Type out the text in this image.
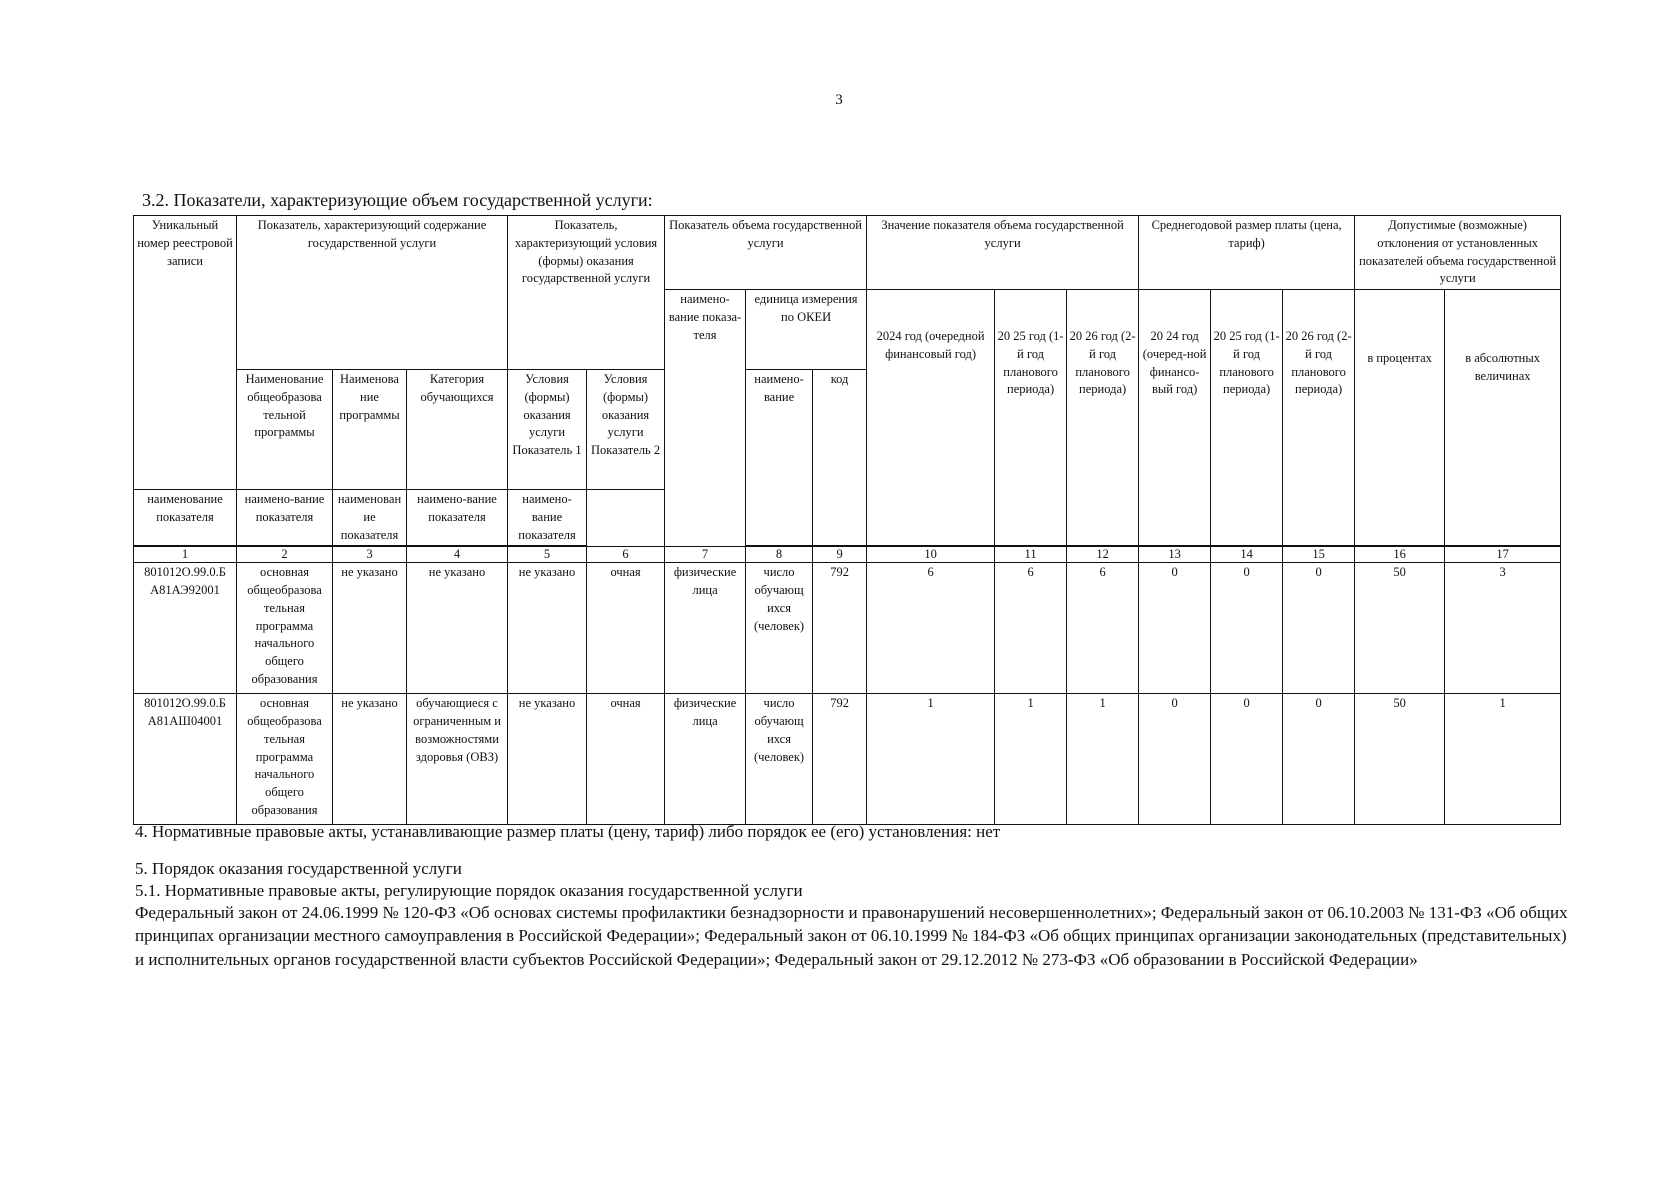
3
3.2. Показатели, характеризующие объем государственной услуги:
Уникальный номер реестровой записи	Показатель, характеризующий содержание государственной услуги			Показатель, характеризующий условия (формы) оказания государственной услуги		Показатель объема государственной услуги			Значение показателя объема государственной услуги			Среднегодовой размер платы (цена, тариф)			Допустимые (возможные) отклонения от установленных показателей объема государственной услуги	
						наимено-вание показа-теля	единица измерения по ОКЕИ		2024 год (очередной финансовый год)	20 25 год (1-й год планового периода)	20 26 год (2-й год планового периода)	20 24 год (очеред-ной финансо-вый год)	20 25 год (1-й год планового периода)	20 26 год (2-й год планового периода)	в процентах	в абсолютных величинах
	Наименование общеобразова тельной программы	Наименова ние программы	Категория обучающихся	Условия (формы) оказания услуги Показатель 1	Условия (формы) оказания услуги Показатель 2		наимено-вание	код								
наименование показателя	наимено-вание показателя	наименование показателя	наимено-вание показателя	наимено-вание показателя												

1	2	3	4	5	6	7	8	9	10	11	12	13	14	15	16	17
801012О.99.0.Б А81АЭ92001	основная общеобразова тельная программа начального общего образования	не указано	не указано	не указано	очная	физические лица	число обучающ ихся (человек)	792	6	6	6	0	0	0	50	3
801012О.99.0.Б А81АШ04001	основная общеобразова тельная программа начального общего образования	не указано	обучающиеся с ограниченным и возможностями здоровья (ОВЗ)	не указано	очная	физические лица	число обучающ ихся (человек)	792	1	1	1	0	0	0	50	1
4. Нормативные правовые акты, устанавливающие размер платы (цену, тариф) либо порядок ее (его) установления: нет
5. Порядок оказания государственной услуги
5.1. Нормативные правовые акты, регулирующие порядок оказания государственной услуги
Федеральный закон от 24.06.1999 № 120-ФЗ «Об основах системы профилактики безнадзорности и правонарушений несовершеннолетних»; Федеральный закон от 06.10.2003 № 131-ФЗ «Об общих принципах организации местного самоуправления в Российской Федерации»; Федеральный закон от 06.10.1999 № 184-ФЗ «Об общих принципах организации законодательных (представительных) и исполнительных органов государственной власти субъектов Российской Федерации»; Федеральный закон от 29.12.2012 № 273-ФЗ «Об образовании в Российской Федерации»
